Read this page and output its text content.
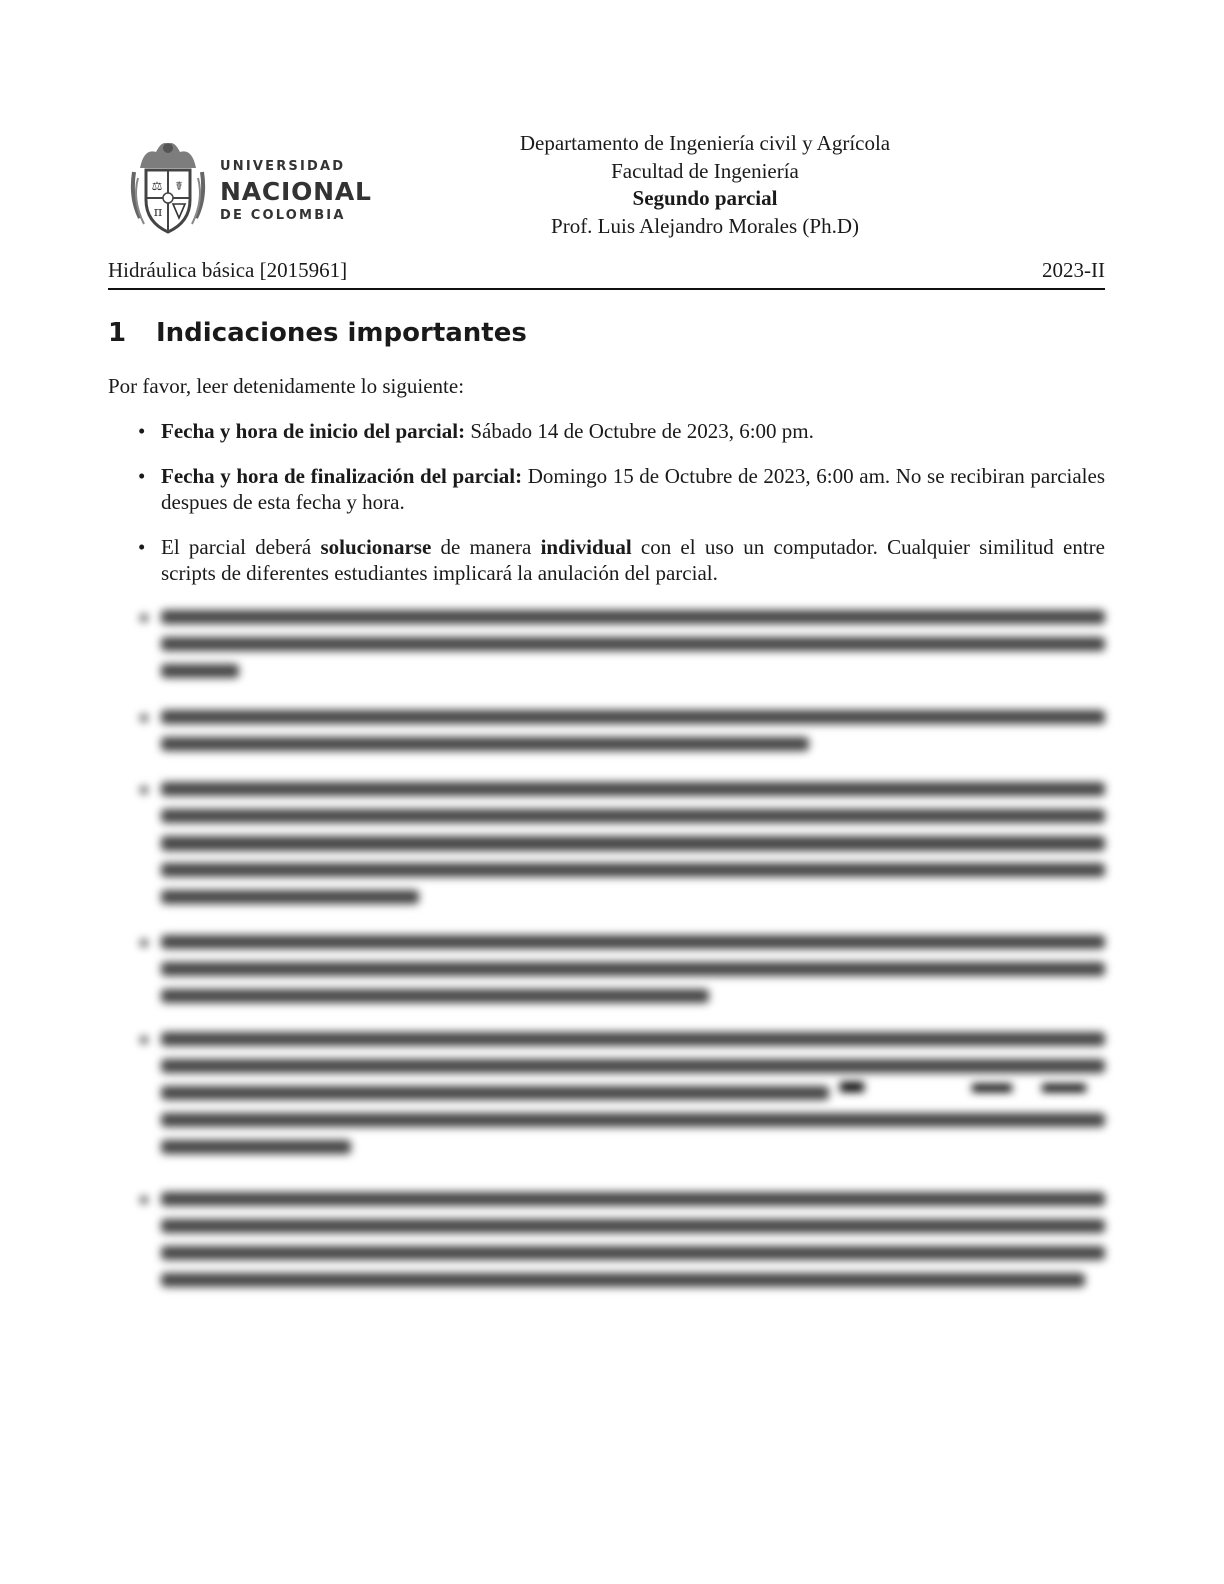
⚖ ☤
π
UNIVERSIDAD
NACIONAL
DE COLOMBIA
Departamento de Ingeniería civil y Agrícola
Facultad de Ingeniería
Segundo parcial
Prof. Luis Alejandro Morales (Ph.D)
Hidráulica básica [2015961]	2023-II
1 Indicaciones importantes
Por favor, leer detenidamente lo siguiente:
• Fecha y hora de inicio del parcial: Sábado 14 de Octubre de 2023, 6:00 pm.
• Fecha y hora de finalización del parcial: Domingo 15 de Octubre de 2023, 6:00 am. No se recibiran parciales despues de esta fecha y hora.
• El parcial deberá solucionarse de manera individual con el uso un computador. Cualquier similitud entre scripts de diferentes estudiantes implicará la anulación del parcial.
